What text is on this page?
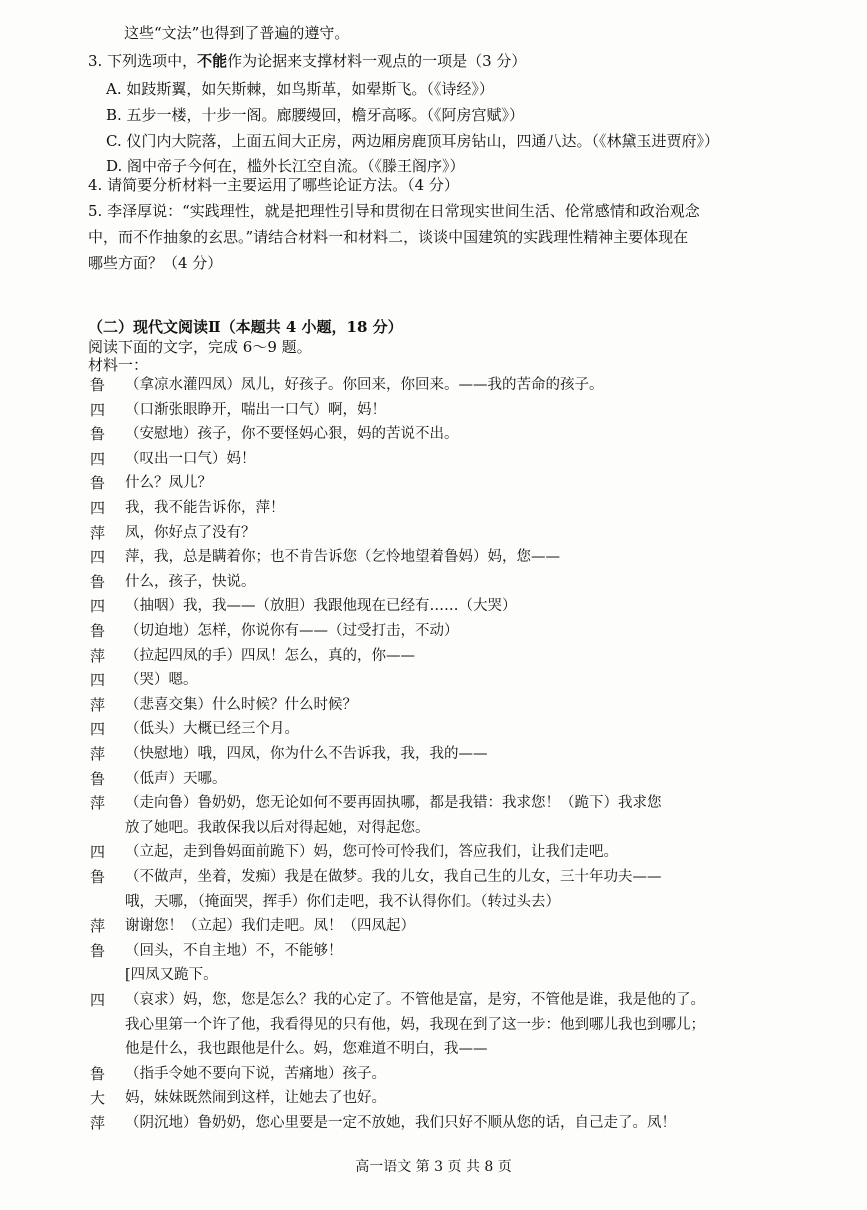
这些“文法”也得到了普遍的遵守。
3. 下列选项中，不能作为论据来支撑材料一观点的一项是（3 分）
A. 如跂斯翼，如矢斯棘，如鸟斯革，如翚斯飞。（《诗经》）
B. 五步一楼，十步一阁。廊腰缦回，檐牙高啄。（《阿房宫赋》）
C. 仪门内大院落，上面五间大正房，两边厢房鹿顶耳房钻山，四通八达。（《林黛玉进贾府》）
D. 阁中帝子今何在，槛外长江空自流。（《滕王阁序》）
4. 请简要分析材料一主要运用了哪些论证方法。（4 分）
5. 李泽厚说：“实践理性，就是把理性引导和贯彻在日常现实世间生活、伦常感情和政治观念
中，而不作抽象的玄思。”请结合材料一和材料二，谈谈中国建筑的实践理性精神主要体现在
哪些方面？（4 分）
（二）现代文阅读Ⅱ（本题共 4 小题，18 分）
阅读下面的文字，完成 6～9 题。
材料一：
鲁 （拿凉水灌四凤）凤儿，好孩子。你回来，你回来。——我的苦命的孩子。
四 （口渐张眼睁开，喘出一口气）啊，妈！
鲁 （安慰地）孩子，你不要怪妈心狠，妈的苦说不出。
四 （叹出一口气）妈！
鲁 什么？凤儿？
四 我，我不能告诉你，萍！
萍 凤，你好点了没有？
四 萍，我，总是瞒着你；也不肯告诉您（乞怜地望着鲁妈）妈，您——
鲁 什么，孩子，快说。
四 （抽咽）我，我——（放胆）我跟他现在已经有……（大哭）
鲁 （切迫地）怎样，你说你有——（过受打击，不动）
萍 （拉起四凤的手）四凤！怎么，真的，你——
四 （哭）嗯。
萍 （悲喜交集）什么时候？什么时候？
四 （低头）大概已经三个月。
萍 （快慰地）哦，四凤，你为什么不告诉我，我，我的——
鲁 （低声）天哪。
萍 （走向鲁）鲁奶奶，您无论如何不要再固执哪，都是我错：我求您！（跪下）我求您
放了她吧。我敢保我以后对得起她，对得起您。
四 （立起，走到鲁妈面前跪下）妈，您可怜可怜我们，答应我们，让我们走吧。
鲁 （不做声，坐着，发痴）我是在做梦。我的儿女，我自己生的儿女，三十年功夫——
哦，天哪，（掩面哭，挥手）你们走吧，我不认得你们。（转过头去）
萍 谢谢您！（立起）我们走吧。凤！（四凤起）
鲁 （回头，不自主地）不，不能够！
[四凤又跪下。
四 （哀求）妈，您，您是怎么？我的心定了。不管他是富，是穷，不管他是谁，我是他的了。
我心里第一个许了他，我看得见的只有他，妈，我现在到了这一步：他到哪儿我也到哪儿；
他是什么，我也跟他是什么。妈，您难道不明白，我——
鲁 （指手令她不要向下说，苦痛地）孩子。
大 妈，妹妹既然闹到这样，让她去了也好。
萍 （阴沉地）鲁奶奶，您心里要是一定不放她，我们只好不顺从您的话，自己走了。凤！
高一语文 第 3 页 共 8 页
